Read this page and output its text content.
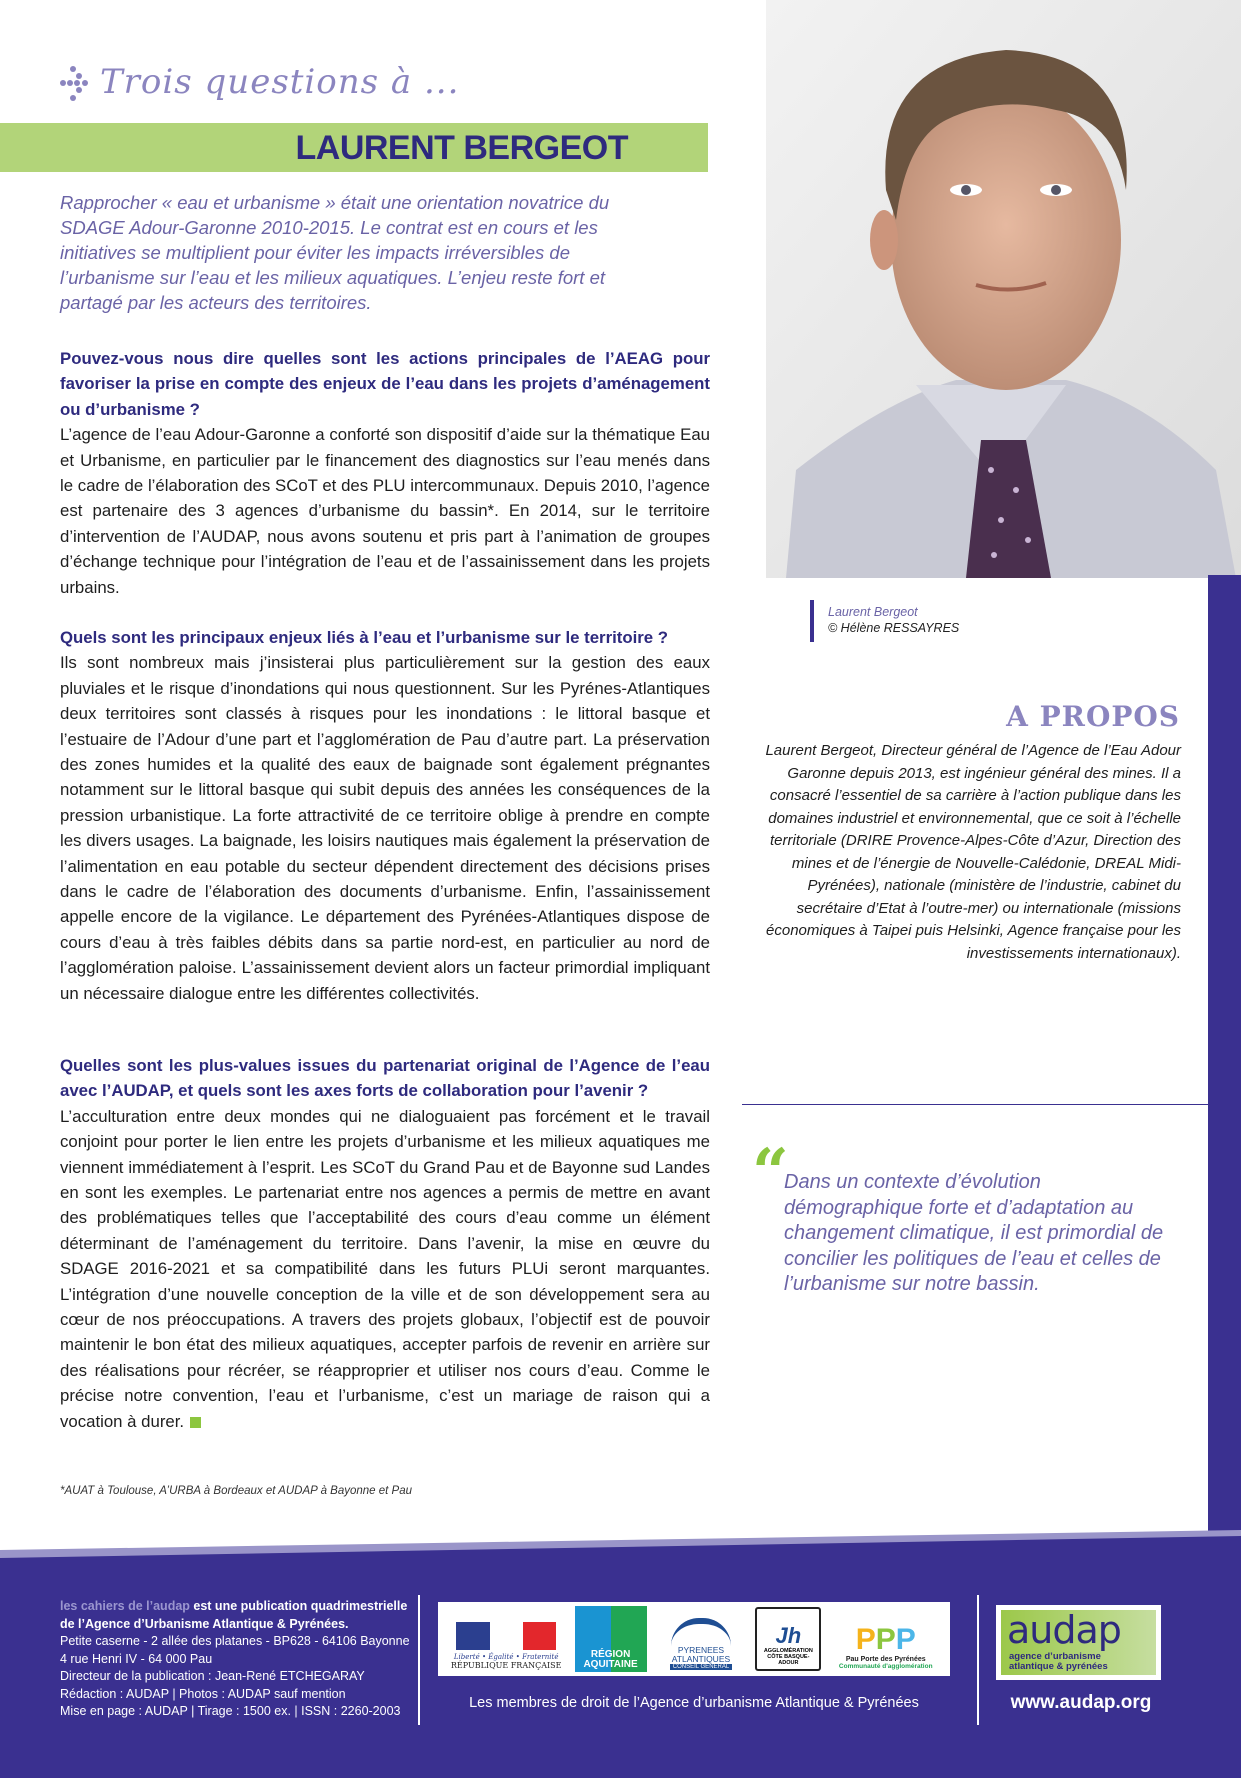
Trois questions à ...
LAURENT BERGEOT

Rapprocher « eau et urbanisme » était une orientation novatrice du SDAGE Adour-Garonne 2010-2015. Le contrat est en cours et les initiatives se multiplient pour éviter les impacts irréversibles de l’urbanisme sur l’eau et les milieux aquatiques. L’enjeu reste fort et partagé par les acteurs des territoires.

Pouvez-vous nous dire quelles sont les actions principales de l’AEAG pour favoriser la prise en compte des enjeux de l’eau dans les projets d’aménagement ou d’urbanisme ?
L’agence de l’eau Adour-Garonne a conforté son dispositif d’aide sur la thématique Eau et Urbanisme, en particulier par le financement des diagnostics sur l’eau menés dans le cadre de l’élaboration des SCoT et des PLU intercommunaux. Depuis 2010, l’agence est partenaire des 3 agences d’urbanisme du bassin*. En 2014, sur le territoire d’intervention de l’AUDAP, nous avons soutenu et pris part à l’animation de groupes d’échange technique pour l’intégration de l’eau et de l’assainissement dans les projets urbains.
Quels sont les principaux enjeux liés à l’eau et l’urbanisme sur le territoire ?
Ils sont nombreux mais j’insisterai plus particulièrement sur la gestion des eaux pluviales et le risque d’inondations qui nous questionnent. Sur les Pyrénes-Atlantiques deux territoires sont classés à risques pour les inondations : le littoral basque et l’estuaire de l’Adour d’une part et l’agglomération de Pau d’autre part. La préservation des zones humides et la qualité des eaux de baignade sont également prégnantes notamment sur le littoral basque qui subit depuis des années les conséquences de la pression urbanistique. La forte attractivité de ce territoire oblige à prendre en compte les divers usages. La baignade, les loisirs nautiques mais également la préservation de l’alimentation en eau potable du secteur dépendent directement des décisions prises dans le cadre de l’élaboration des documents d’urbanisme. Enfin, l’assainissement appelle encore de la vigilance. Le département des Pyrénées-Atlantiques dispose de cours d’eau à très faibles débits dans sa partie nord-est, en particulier au nord de l’agglomération paloise. L’assainissement devient alors un facteur primordial impliquant un nécessaire dialogue entre les différentes collectivités.
Quelles sont les plus-values issues du partenariat original de l’Agence de l’eau avec l’AUDAP, et quels sont les axes forts de collaboration pour l’avenir ?
L’acculturation entre deux mondes qui ne dialoguaient pas forcément et le travail conjoint pour porter le lien entre les projets d’urbanisme et les milieux aquatiques me viennent immédiatement à l’esprit. Les SCoT du Grand Pau et de Bayonne sud Landes en sont les exemples. Le partenariat entre nos agences a permis de mettre en avant des problématiques telles que l’acceptabilité des cours d’eau comme un élément déterminant de l’aménagement du territoire. Dans l’avenir, la mise en œuvre du SDAGE 2016-2021 et sa compatibilité dans les futurs PLUi seront marquantes. L’intégration d’une nouvelle conception de la ville et de son développement sera au cœur de nos préoccupations. A travers des projets globaux, l’objectif est de pouvoir maintenir le bon état des milieux aquatiques, accepter parfois de revenir en arrière sur des réalisations pour récréer, se réapproprier et utiliser nos cours d’eau. Comme le précise notre convention, l’eau et l’urbanisme, c’est un mariage de raison qui a vocation à durer.
*AUAT à Toulouse, A’URBA à Bordeaux et AUDAP à Bayonne et Pau
Laurent Bergeot
© Hélène RESSAYRES
A PROPOS
Laurent Bergeot, Directeur général de l’Agence de l’Eau Adour Garonne depuis 2013, est ingénieur général des mines. Il a consacré l’essentiel de sa carrière à l’action publique dans les domaines industriel et environnemental, que ce soit à l’échelle territoriale (DRIRE Provence-Alpes-Côte d’Azur, Direction des mines et de l’énergie de Nouvelle-Calédonie, DREAL Midi-Pyrénées), nationale (ministère de l’industrie, cabinet du secrétaire d’Etat à l’outre-mer) ou internationale (missions économiques à Taipei puis Helsinki, Agence française pour les investissements internationaux).
“
Dans un contexte d’évolution démographique forte et d’adaptation au changement climatique, il est primordial de concilier les politiques de l’eau et celles de l’urbanisme sur notre bassin.
les cahiers de l’audap est une publication quadrimestrielle de l’Agence d’Urbanisme Atlantique & Pyrénées.
Petite caserne - 2 allée des platanes - BP628 - 64106 Bayonne
4 rue Henri IV - 64 000 Pau
Directeur de la publication : Jean-René ETCHEGARAY
Rédaction : AUDAP | Photos : AUDAP sauf mention
Mise en page : AUDAP | Tirage : 1500 ex. | ISSN : 2260-2003
Liberté • Égalité • Fraternité
RÉPUBLIQUE FRANÇAISE
RÉGION
AQUITAINE
PYRENEES ATLANTIQUES
CONSEIL GENERAL
Jh
AGGLOMÉRATION
CÔTE BASQUE-ADOUR
PPP
Pau Porte des Pyrénées
Communauté d'agglomération
Les membres de droit de l’Agence d’urbanisme Atlantique & Pyrénées
audap
agence d’urbanisme
atlantique & pyrénées
www.audap.org
